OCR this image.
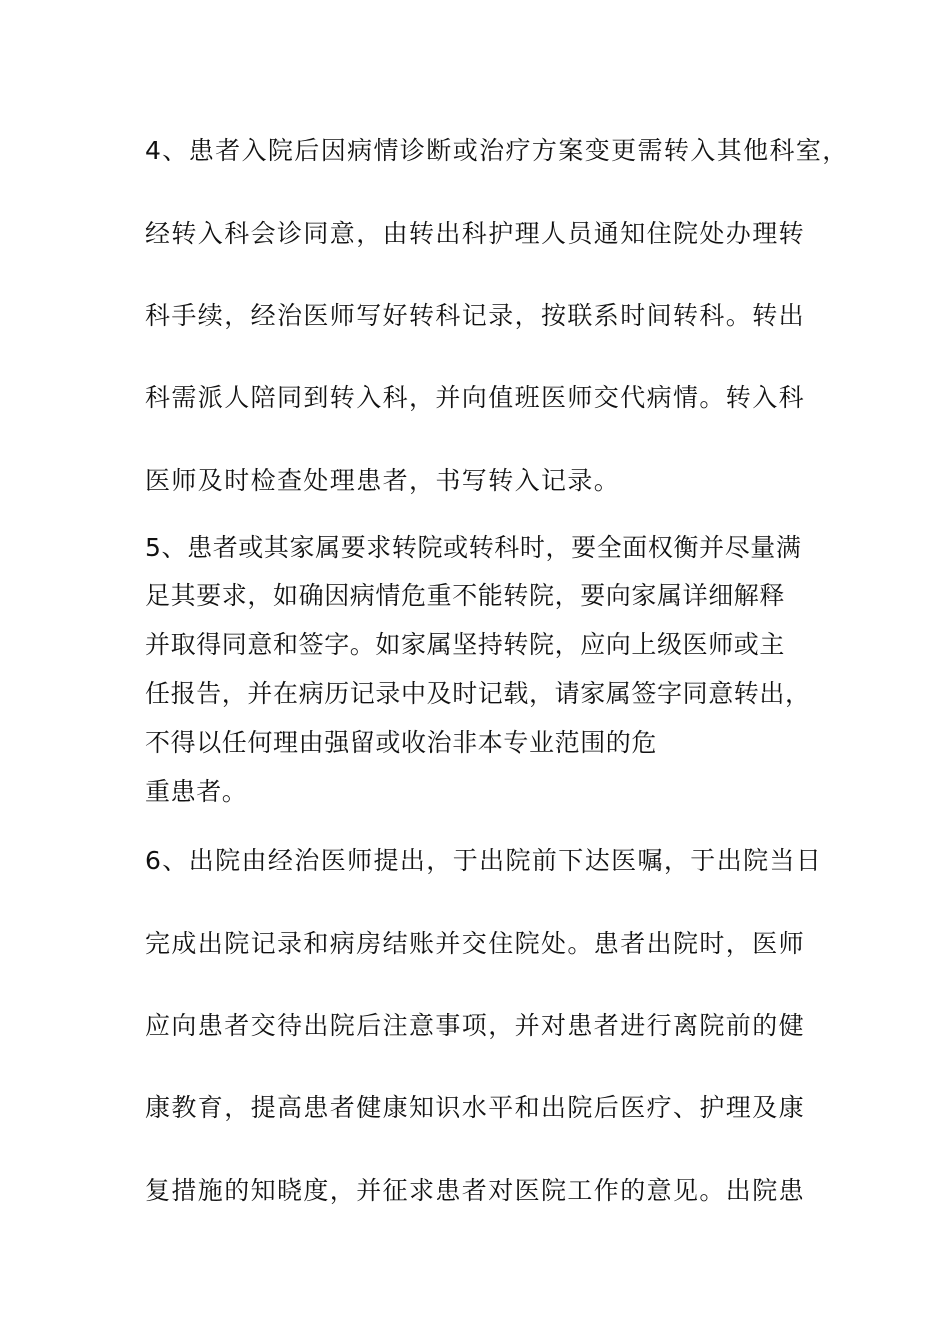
4、患者入院后因病情诊断或治疗方案变更需转入其他科室，
经转入科会诊同意，由转出科护理人员通知住院处办理转
科手续，经治医师写好转科记录，按联系时间转科。转出
科需派人陪同到转入科，并向值班医师交代病情。转入科
医师及时检查处理患者，书写转入记录。
5、患者或其家属要求转院或转科时，要全面权衡并尽量满
足其要求，如确因病情危重不能转院，要向家属详细解释
并取得同意和签字。如家属坚持转院，应向上级医师或主
任报告，并在病历记录中及时记载，请家属签字同意转出，
不得以任何理由强留或收治非本专业范围的危
重患者。
6、出院由经治医师提出，于出院前下达医嘱，于出院当日
完成出院记录和病房结账并交住院处。患者出院时，医师
应向患者交待出院后注意事项，并对患者进行离院前的健
康教育，提高患者健康知识水平和出院后医疗、护理及康
复措施的知晓度，并征求患者对医院工作的意见。出院患
